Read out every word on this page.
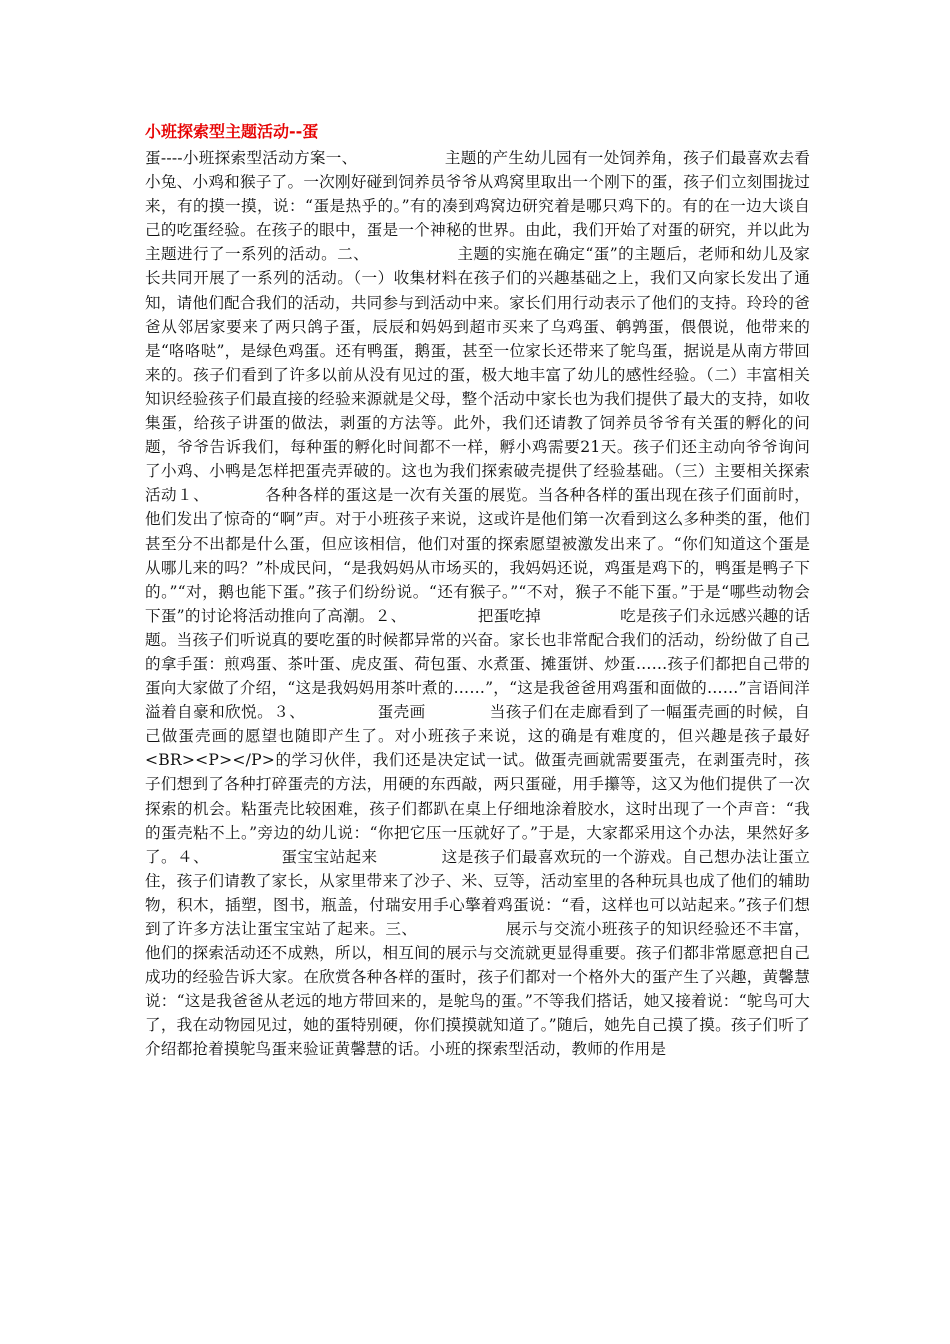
小班探索型主题活动--蛋

蛋----小班探索型活动方案一、　　　　　　主题的产生幼儿园有一处饲养角，孩子们最喜欢去看小兔、小鸡和猴子了。一次刚好碰到饲养员爷爷从鸡窝里取出一个刚下的蛋，孩子们立刻围拢过来，有的摸一摸，说：“蛋是热乎的。”有的凑到鸡窝边研究着是哪只鸡下的。有的在一边大谈自己的吃蛋经验。在孩子的眼中，蛋是一个神秘的世界。由此，我们开始了对蛋的研究，并以此为主题进行了一系列的活动。二、　　　　　　主题的实施在确定“蛋”的主题后，老师和幼儿及家长共同开展了一系列的活动。（一）收集材料在孩子们的兴趣基础之上，我们又向家长发出了通知，请他们配合我们的活动，共同参与到活动中来。家长们用行动表示了他们的支持。玲玲的爸爸从邻居家要来了两只鸽子蛋，辰辰和妈妈到超市买来了乌鸡蛋、鹌鹑蛋，偎偎说，他带来的是“咯咯哒”，是绿色鸡蛋。还有鸭蛋，鹅蛋，甚至一位家长还带来了鸵鸟蛋，据说是从南方带回来的。孩子们看到了许多以前从没有见过的蛋，极大地丰富了幼儿的感性经验。（二）丰富相关知识经验孩子们最直接的经验来源就是父母，整个活动中家长也为我们提供了最大的支持，如收集蛋，给孩子讲蛋的做法，剥蛋的方法等。此外，我们还请教了饲养员爷爷有关蛋的孵化的问题，爷爷告诉我们，每种蛋的孵化时间都不一样，孵小鸡需要21天。孩子们还主动向爷爷询问了小鸡、小鸭是怎样把蛋壳弄破的。这也为我们探索破壳提供了经验基础。（三）主要相关探索活动１、　　　　各种各样的蛋这是一次有关蛋的展览。当各种各样的蛋出现在孩子们面前时，他们发出了惊奇的“啊”声。对于小班孩子来说，这或许是他们第一次看到这么多种类的蛋，他们甚至分不出都是什么蛋，但应该相信，他们对蛋的探索愿望被激发出来了。“你们知道这个蛋是从哪儿来的吗？”朴成民问，“是我妈妈从市场买的，我妈妈还说，鸡蛋是鸡下的，鸭蛋是鸭子下的。”“对，鹅也能下蛋。”孩子们纷纷说。“还有猴子。”“不对，猴子不能下蛋。”于是“哪些动物会下蛋”的讨论将活动推向了高潮。２、　　　　　把蛋吃掉　　　　　吃是孩子们永远感兴趣的话题。当孩子们听说真的要吃蛋的时候都异常的兴奋。家长也非常配合我们的活动，纷纷做了自己的拿手蛋：煎鸡蛋、茶叶蛋、虎皮蛋、荷包蛋、水煮蛋、摊蛋饼、炒蛋……孩子们都把自己带的蛋向大家做了介绍，“这是我妈妈用茶叶煮的……”，“这是我爸爸用鸡蛋和面做的……”言语间洋溢着自豪和欣悦。３、　　　　　蛋壳画　　　　当孩子们在走廊看到了一幅蛋壳画的时候，自己做蛋壳画的愿望也随即产生了。对小班孩子来说，这的确是有难度的，但兴趣是孩子最好　　　<BR><P></P>的学习伙伴，我们还是决定试一试。做蛋壳画就需要蛋壳，在剥蛋壳时，孩子们想到了各种打碎蛋壳的方法，用硬的东西敲，两只蛋碰，用手攥等，这又为他们提供了一次探索的机会。粘蛋壳比较困难，孩子们都趴在桌上仔细地涂着胶水，这时出现了一个声音：“我的蛋壳粘不上。”旁边的幼儿说：“你把它压一压就好了。”于是，大家都采用这个办法，果然好多了。４、　　　　　蛋宝宝站起来　　　　这是孩子们最喜欢玩的一个游戏。自己想办法让蛋立住，孩子们请教了家长，从家里带来了沙子、米、豆等，活动室里的各种玩具也成了他们的辅助物，积木，插塑，图书，瓶盖，付瑞安用手心擎着鸡蛋说：“看，这样也可以站起来。”孩子们想到了许多方法让蛋宝宝站了起来。三、　　　　　　展示与交流小班孩子的知识经验还不丰富，他们的探索活动还不成熟，所以，相互间的展示与交流就更显得重要。孩子们都非常愿意把自己成功的经验告诉大家。在欣赏各种各样的蛋时，孩子们都对一个格外大的蛋产生了兴趣，黄馨慧说：“这是我爸爸从老远的地方带回来的，是鸵鸟的蛋。”不等我们搭话，她又接着说：“鸵鸟可大了，我在动物园见过，她的蛋特别硬，你们摸摸就知道了。”随后，她先自己摸了摸。孩子们听了介绍都抢着摸鸵鸟蛋来验证黄馨慧的话。小班的探索型活动，教师的作用是
